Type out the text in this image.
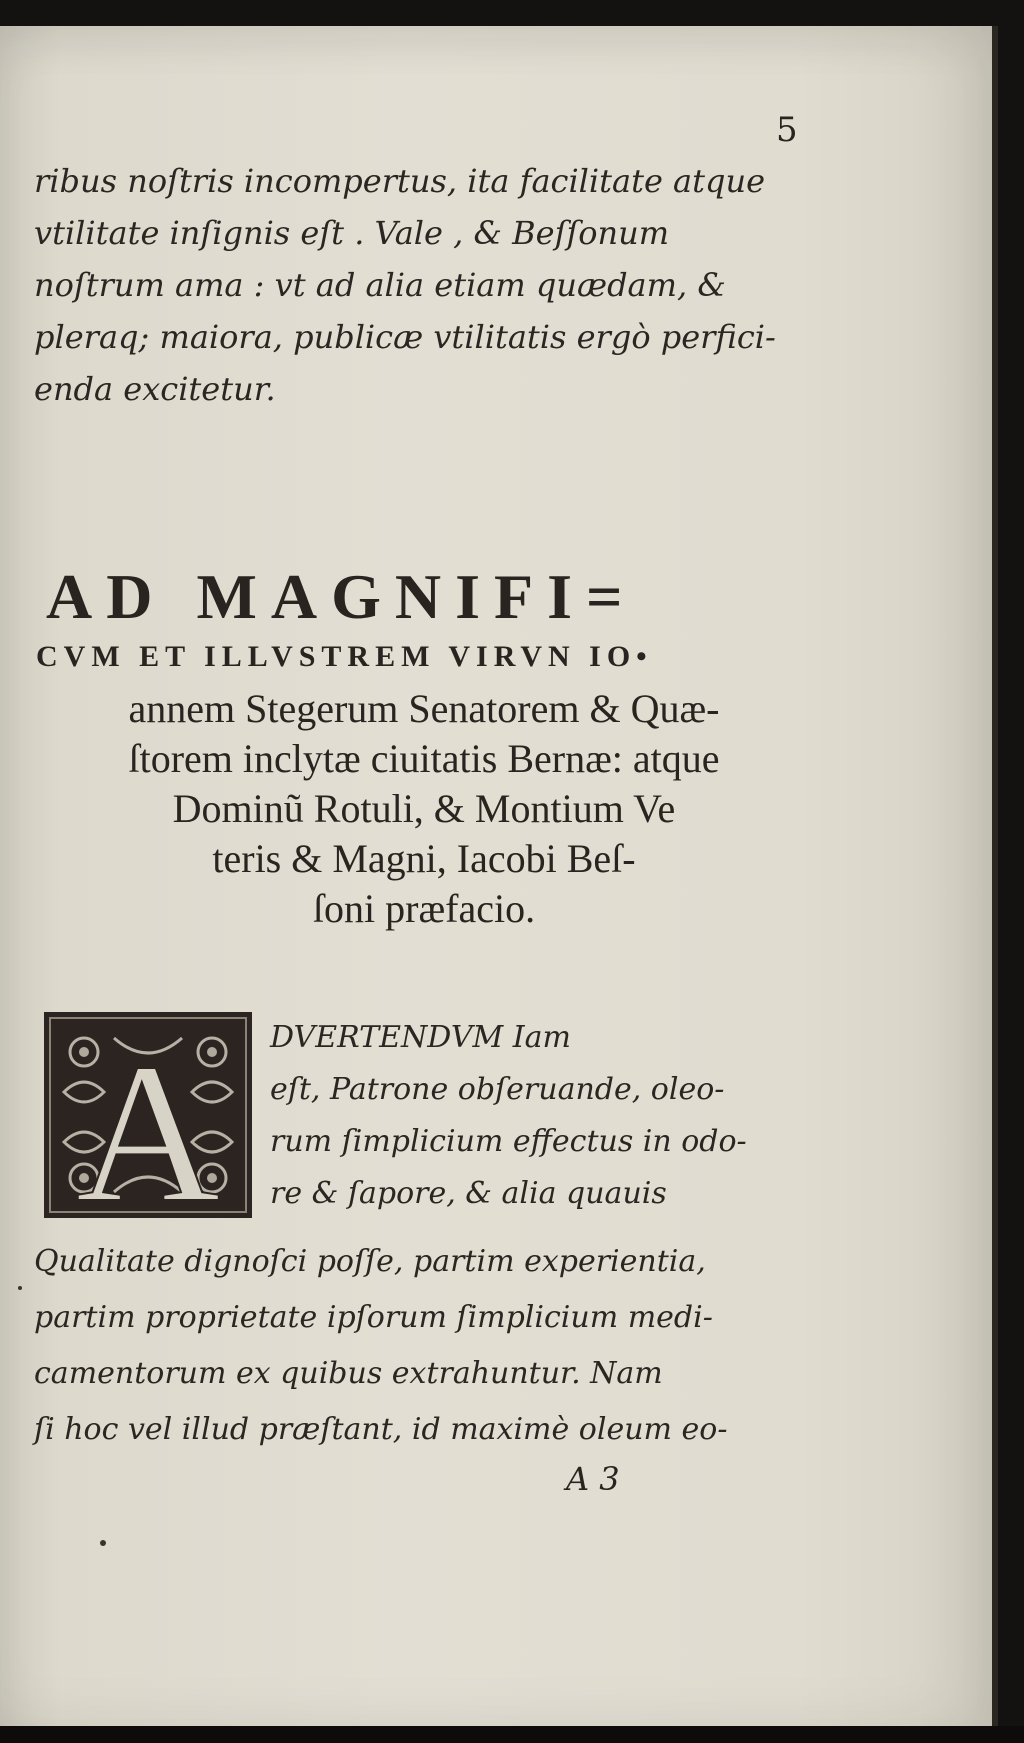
5

ribus noſtris incompertus, ita facilitate atque
vtilitate inſignis eſt . Vale , & Beſſonum
noſtrum ama : vt ad alia etiam quædam, &
pleraq; maiora, publicæ vtilitatis ergò perfici-
enda excitetur.

AD MAGNIFI=
CVM ET ILLVSTREM VIRVN IO•

annem Stegerum Senatorem & Quæ-
ſtorem inclytæ ciuitatis Bernæ: atque
Dominũ Rotuli, & Montium Ve
teris & Magni, Iacobi Beſ-
ſoni præfacio.

A DVERTENDVM Iam
eſt, Patrone obſeruande, oleo-
rum ſimplicium effectus in odo-
re & ſapore, & alia quauis

Qualitate dignoſci poſſe, partim experientia,
partim proprietate ipſorum ſimplicium medi-
camentorum ex quibus extrahuntur. Nam
ſi hoc vel illud præſtant, id maximè oleum eo-

A 3
